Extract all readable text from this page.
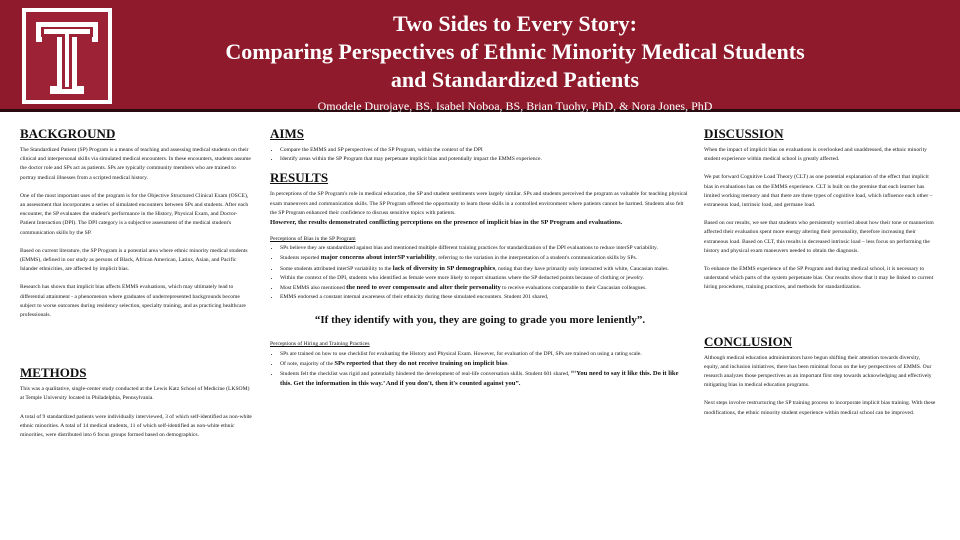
Two Sides to Every Story:
Comparing Perspectives of Ethnic Minority Medical Students
and Standardized Patients
Omodele Durojaye, BS, Isabel Noboa, BS, Brian Tuohy, PhD, & Nora Jones, PhD
BACKGROUND

The Standardized Patient (SP) Program is a means of teaching and assessing medical students on their clinical and interpersonal skills via simulated medical encounters. In these encounters, students assume the doctor role and SPs act as patients. SPs are typically community members who are trained to portray medical illnesses from a scripted medical history.

One of the most important uses of the program is for the Objective Structured Clinical Exam (OSCE), an assessment that incorporates a series of simulated encounters between SPs and students. After each encounter, the SP evaluates the student's performance in the History, Physical Exam, and Doctor-Patient Interaction (DPI). The DPI category is a subjective assessment of the medical student's communication skills by the SP.

Based on current literature, the SP Program is a potential area where ethnic minority medical students (EMMS), defined in our study as persons of Black, African American, Latinx, Asian, and Pacific Islander ethnicities, are affected by implicit bias.

Research has shown that implicit bias affects EMMS evaluations, which may ultimately lead to differential attainment - a phenomenon where graduates of underrepresented backgrounds become subject to worse outcomes during residency selection, specialty training, and as practicing healthcare professionals.

METHODS

This was a qualitative, single-center study conducted at the Lewis Katz School of Medicine (LKSOM) at Temple University located in Philadelphia, Pennsylvania.

A total of 9 standardized patients were individually interviewed, 3 of which self-identified as non-white ethnic minorities. A total of 14 medical students, 11 of which self-identified as non-white ethnic minorities, were distributed into 6 focus groups formed based on demographics.

AIMS
• Compare the EMMS and SP perspectives of the SP Program, within the context of the DPI
• Identify areas within the SP Program that may perpetuate implicit bias and potentially impact the EMMS experience.
RESULTS

In perceptions of the SP Program's role in medical education, the SP and student sentiments were largely similar. SPs and students perceived the program as valuable for teaching physical exam maneuvers and communication skills. The SP Program offered the opportunity to learn these skills in a controlled environment where patients cannot be harmed. Students also felt the SP Program enhanced their confidence to discuss sensitive topics with patients.

However, the results demonstrated conflicting perceptions on the presence of implicit bias in the SP Program and evaluations.
Perceptions of Bias in the SP Program
• SPs believe they are standardized against bias and mentioned multiple different training practices for standardization of the DPI evaluations to reduce interSP variability.
• Students reported major concerns about interSP variability, referring to the variation in the interpretation of a student's communication skills by SPs.
• Some students attributed interSP variability to the lack of diversity in SP demographics, noting that they have primarily only interacted with white, Caucasian males.
• Within the context of the DPI, students who identified as female were more likely to report situations where the SP deducted points because of clothing or jewelry.
• Most EMMS also mentioned the need to over compensate and alter their personality to receive evaluations comparable to their Caucasian colleagues.
• EMMS endorsed a constant internal awareness of their ethnicity during these simulated encounters. Student 201 shared,
“If they identify with you, they are going to grade you more leniently”.
Perceptions of Hiring and Training Practices
• SPs are trained on how to use checklist for evaluating the History and Physical Exam. However, for evaluation of the DPI, SPs are trained on using a rating scale.
• Of note, majority of the SPs reported that they do not receive training on implicit bias.
• Students felt the checklist was rigid and potentially hindered the development of real-life conversation skills. Student 601 shared, “‘You need to say it like this. Do it like this. Get the information in this way.’ And if you don't, then it's counted against you”.
DISCUSSION

When the impact of implicit bias on evaluations is overlooked and unaddressed, the ethnic minority student experience within medical school is greatly affected.

We put forward Cognitive Load Theory (CLT) as one potential explanation of the effect that implicit bias in evaluations has on the EMMS experience. CLT is built on the premise that each learner has limited working memory and that there are three types of cognitive load, which influence each other – extraneous load, intrinsic load, and germane load.

Based on our results, we see that students who persistently worried about how their tone or mannerism affected their evaluation spent more energy altering their personality, therefore increasing their extraneous load. Based on CLT, this results in decreased intrinsic load – less focus on performing the history and physical exam maneuvers needed to obtain the diagnosis.

To enhance the EMMS experience of the SP Program and during medical school, it is necessary to understand which parts of the system perpetuate bias. Our results show that it may be linked to current hiring procedures, training practices, and methods for standardization.

CONCLUSION

Although medical education administrators have begun shifting their attention towards diversity, equity, and inclusion initiatives, there has been minimal focus on the key perspectives of EMMS. Our research analyzes those perspectives as an important first step towards acknowledging and effectively mitigating bias in medical education programs.

Next steps involve restructuring the SP training process to incorporate implicit bias training. With these modifications, the ethnic minority student experience within medical school can be improved.
